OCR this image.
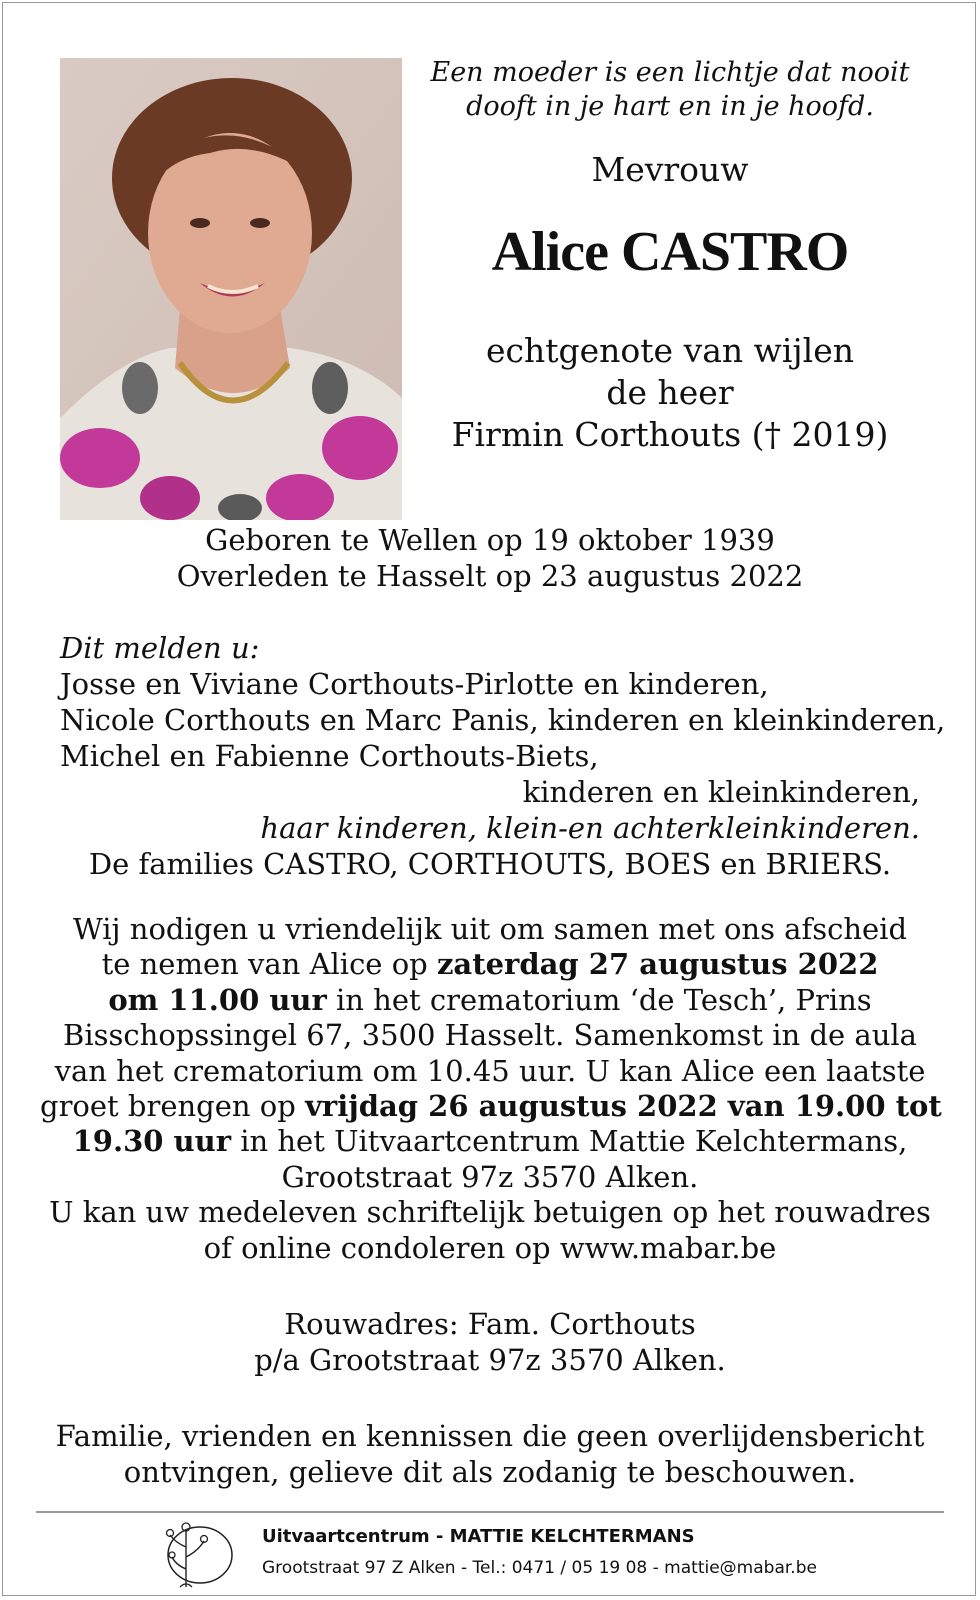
Een moeder is een lichtje dat nooit
dooft in je hart en in je hoofd.
Mevrouw
Alice CASTRO
echtgenote van wijlen
de heer
Firmin Corthouts († 2019)
Geboren te Wellen op 19 oktober 1939
Overleden te Hasselt op 23 augustus 2022
Dit melden u:
Josse en Viviane Corthouts-Pirlotte en kinderen,
Nicole Corthouts en Marc Panis, kinderen en kleinkinderen,
Michel en Fabienne Corthouts-Biets,
kinderen en kleinkinderen,
haar kinderen, klein-en achterkleinkinderen.
De families CASTRO, CORTHOUTS, BOES en BRIERS.
Wij nodigen u vriendelijk uit om samen met ons afscheid
te nemen van Alice op zaterdag 27 augustus 2022
om 11.00 uur in het crematorium ‘de Tesch’, Prins
Bisschopssingel 67, 3500 Hasselt. Samenkomst in de aula
van het crematorium om 10.45 uur. U kan Alice een laatste
groet brengen op vrijdag 26 augustus 2022 van 19.00 tot
19.30 uur in het Uitvaartcentrum Mattie Kelchtermans,
Grootstraat 97z 3570 Alken.
U kan uw medeleven schriftelijk betuigen op het rouwadres
of online condoleren op www.mabar.be
Rouwadres: Fam. Corthouts
p/a Grootstraat 97z 3570 Alken.
Familie, vrienden en kennissen die geen overlijdensbericht
ontvingen, gelieve dit als zodanig te beschouwen.
Uitvaartcentrum - MATTIE KELCHTERMANS
Grootstraat 97 Z Alken - Tel.: 0471 / 05 19 08 - mattie@mabar.be
